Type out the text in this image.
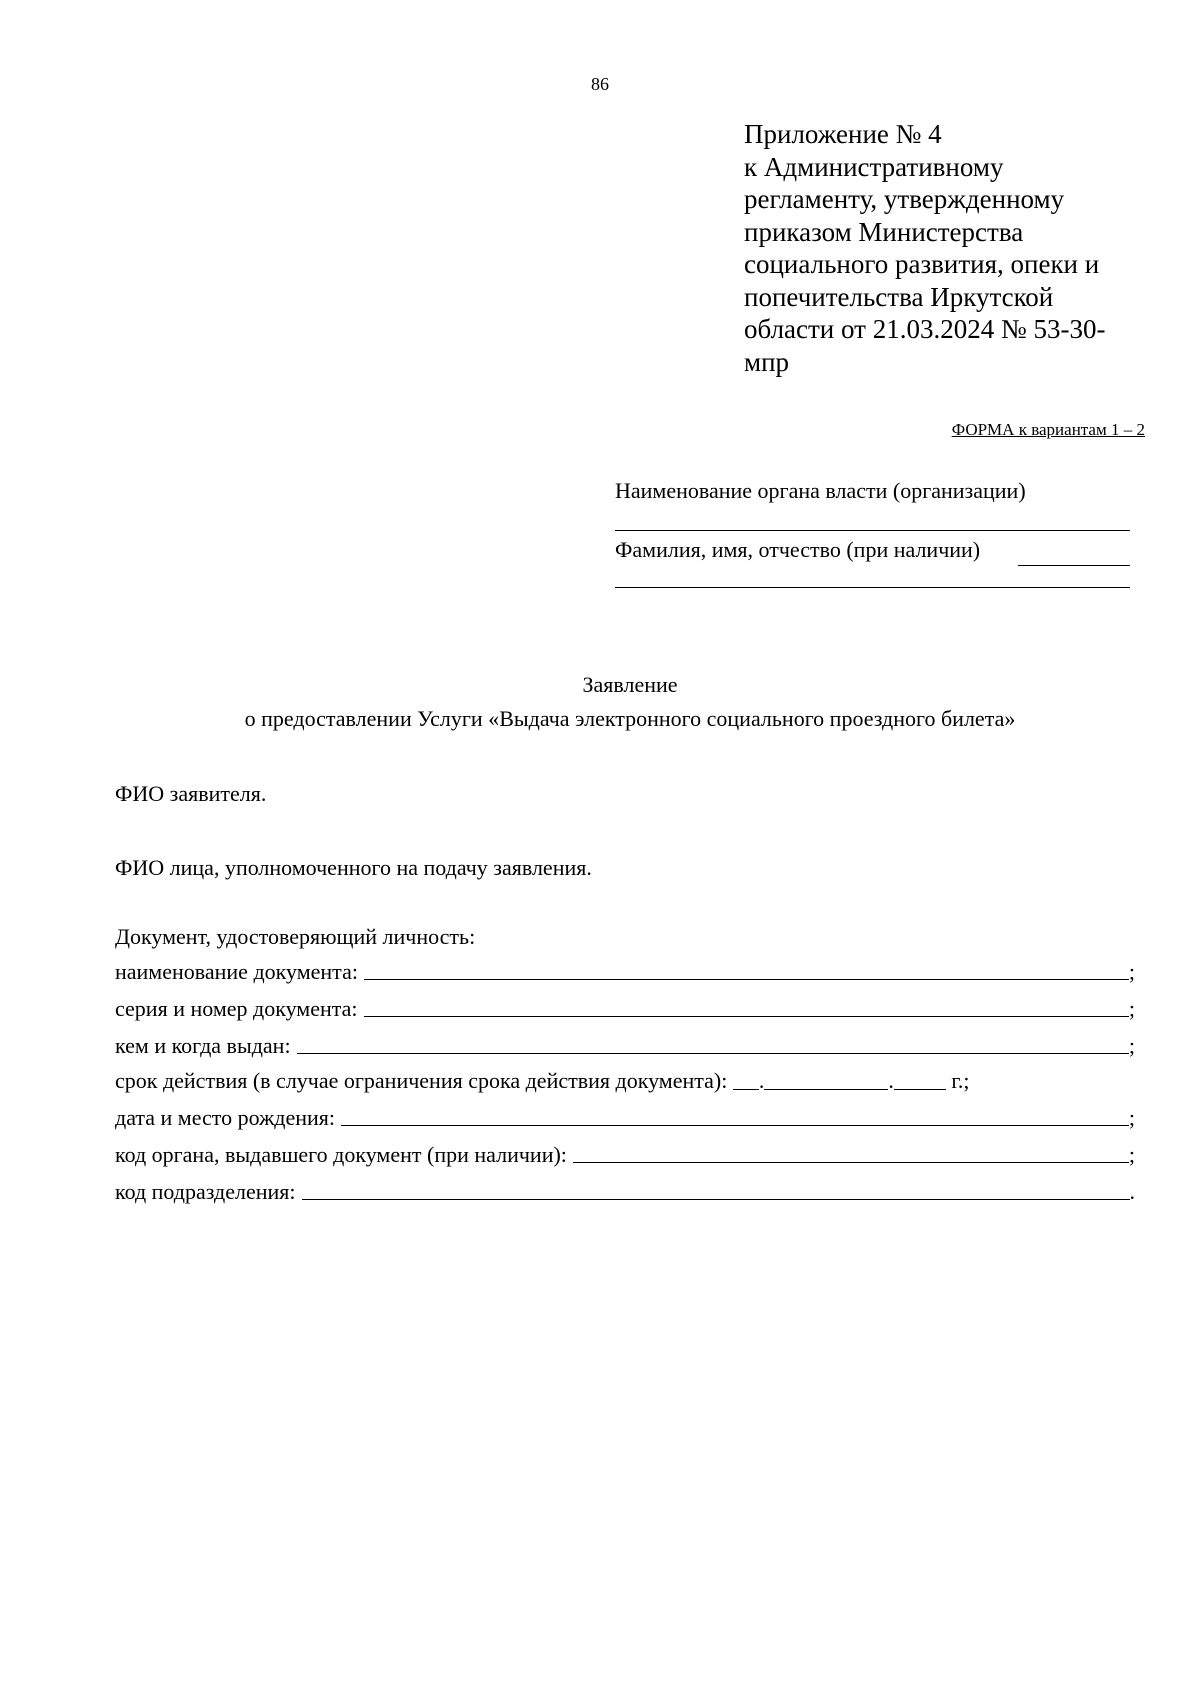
86
Приложение № 4
к Административному
регламенту, утвержденному
приказом Министерства
социального развития, опеки и
попечительства Иркутской
области от 21.03.2024 № 53-30-
мпр
ФОРМА к вариантам 1 – 2
Наименование органа власти (организации)
Фамилия, имя, отчество (при наличии)
Заявление
о предоставлении Услуги «Выдача электронного социального проездного билета»
ФИО заявителя.
ФИО лица, уполномоченного на подачу заявления.
Документ, удостоверяющий личность:
наименование документа:	;
серия и номер документа:	;
кем и когда выдан:	;
срок действия (в случае ограничения срока действия документа): .	.	г.;
дата и место рождения:	;
код органа, выдавшего документ (при наличии):	;
код подразделения:	.
